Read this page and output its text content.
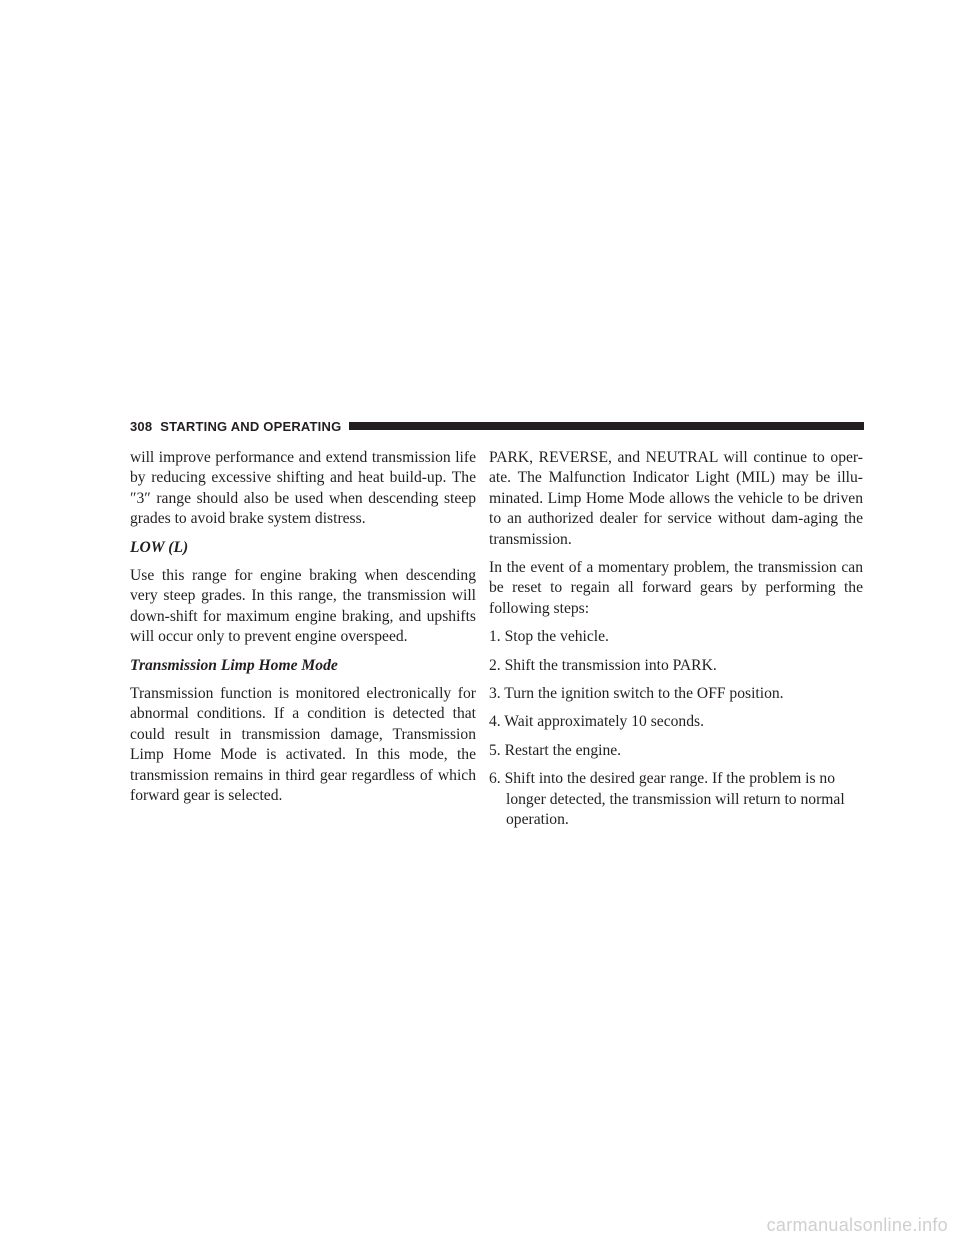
308 STARTING AND OPERATING

will improve performance and extend transmission life by reducing excessive shifting and heat build-up. The ″3″ range should also be used when descending steep grades to avoid brake system distress.

LOW (L)

Use this range for engine braking when descending very steep grades. In this range, the transmission will down-shift for maximum engine braking, and upshifts will occur only to prevent engine overspeed.

Transmission Limp Home Mode

Transmission function is monitored electronically for abnormal conditions. If a condition is detected that could result in transmission damage, Transmission Limp Home Mode is activated. In this mode, the transmission remains in third gear regardless of which forward gear is selected.

PARK, REVERSE, and NEUTRAL will continue to oper-ate. The Malfunction Indicator Light (MIL) may be illu-minated. Limp Home Mode allows the vehicle to be driven to an authorized dealer for service without dam-aging the transmission.

In the event of a momentary problem, the transmission can be reset to regain all forward gears by performing the following steps:

1. Stop the vehicle.

2. Shift the transmission into PARK.

3. Turn the ignition switch to the OFF position.

4. Wait approximately 10 seconds.

5. Restart the engine.

6. Shift into the desired gear range. If the problem is no longer detected, the transmission will return to normal operation.

carmanualsonline.info
